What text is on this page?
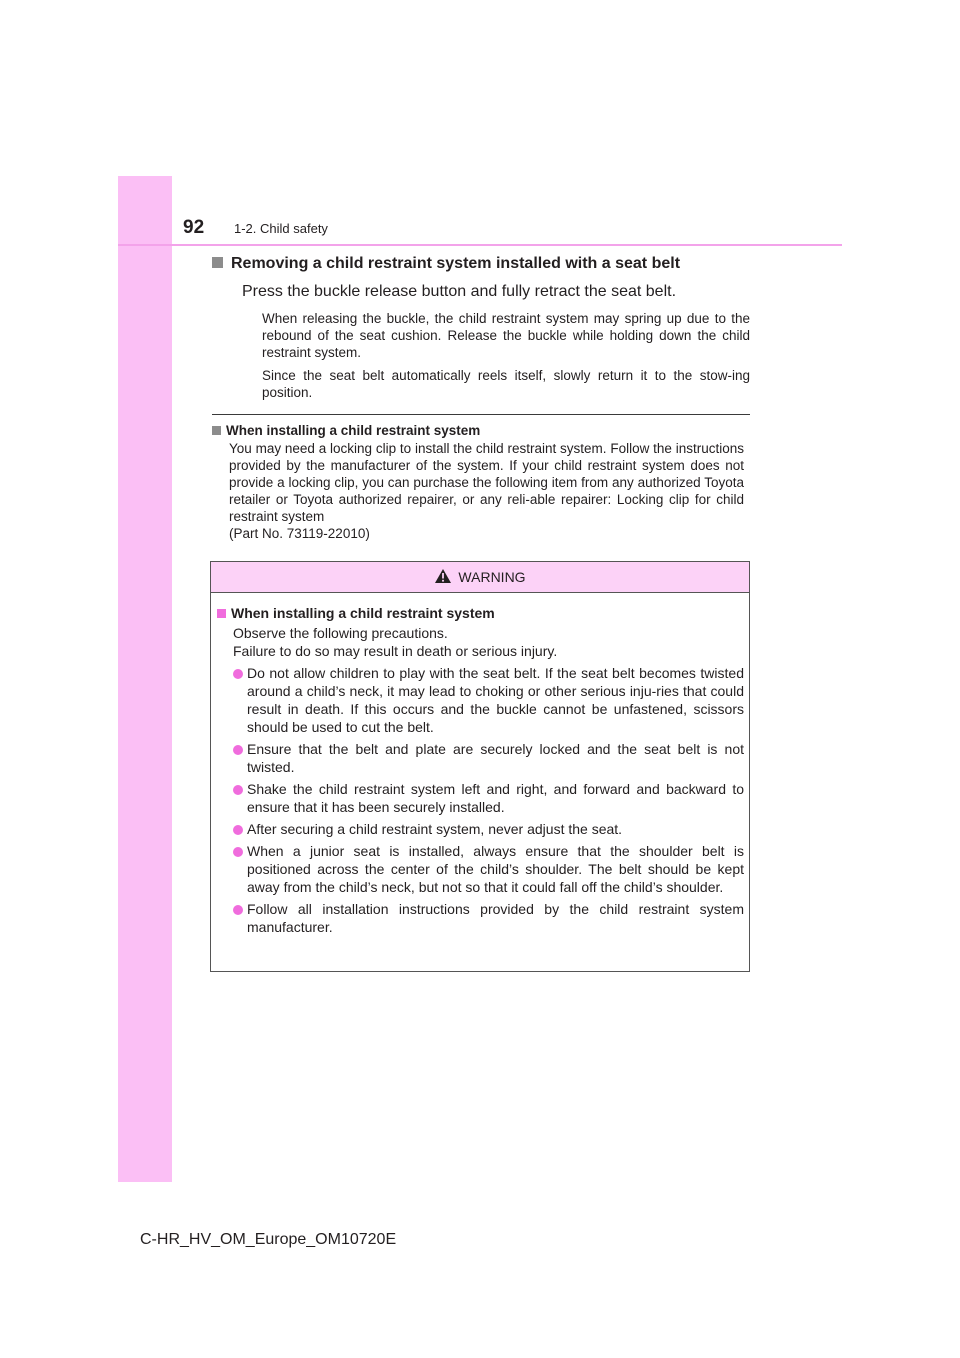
92 1-2. Child safety
Removing a child restraint system installed with a seat belt
Press the buckle release button and fully retract the seat belt.
When releasing the buckle, the child restraint system may spring up due to the rebound of the seat cushion. Release the buckle while holding down the child restraint system.
Since the seat belt automatically reels itself, slowly return it to the stow-ing position.
When installing a child restraint system
You may need a locking clip to install the child restraint system. Follow the instructions provided by the manufacturer of the system. If your child restraint system does not provide a locking clip, you can purchase the following item from any authorized Toyota retailer or Toyota authorized repairer, or any reli-able repairer: Locking clip for child restraint system
(Part No. 73119-22010)
WARNING
When installing a child restraint system
Observe the following precautions.
Failure to do so may result in death or serious injury.
Do not allow children to play with the seat belt. If the seat belt becomes twisted around a child’s neck, it may lead to choking or other serious inju-ries that could result in death. If this occurs and the buckle cannot be unfastened, scissors should be used to cut the belt.
Ensure that the belt and plate are securely locked and the seat belt is not twisted.
Shake the child restraint system left and right, and forward and backward to ensure that it has been securely installed.
After securing a child restraint system, never adjust the seat.
When a junior seat is installed, always ensure that the shoulder belt is positioned across the center of the child’s shoulder. The belt should be kept away from the child’s neck, but not so that it could fall off the child’s shoulder.
Follow all installation instructions provided by the child restraint system manufacturer.
C-HR_HV_OM_Europe_OM10720E
